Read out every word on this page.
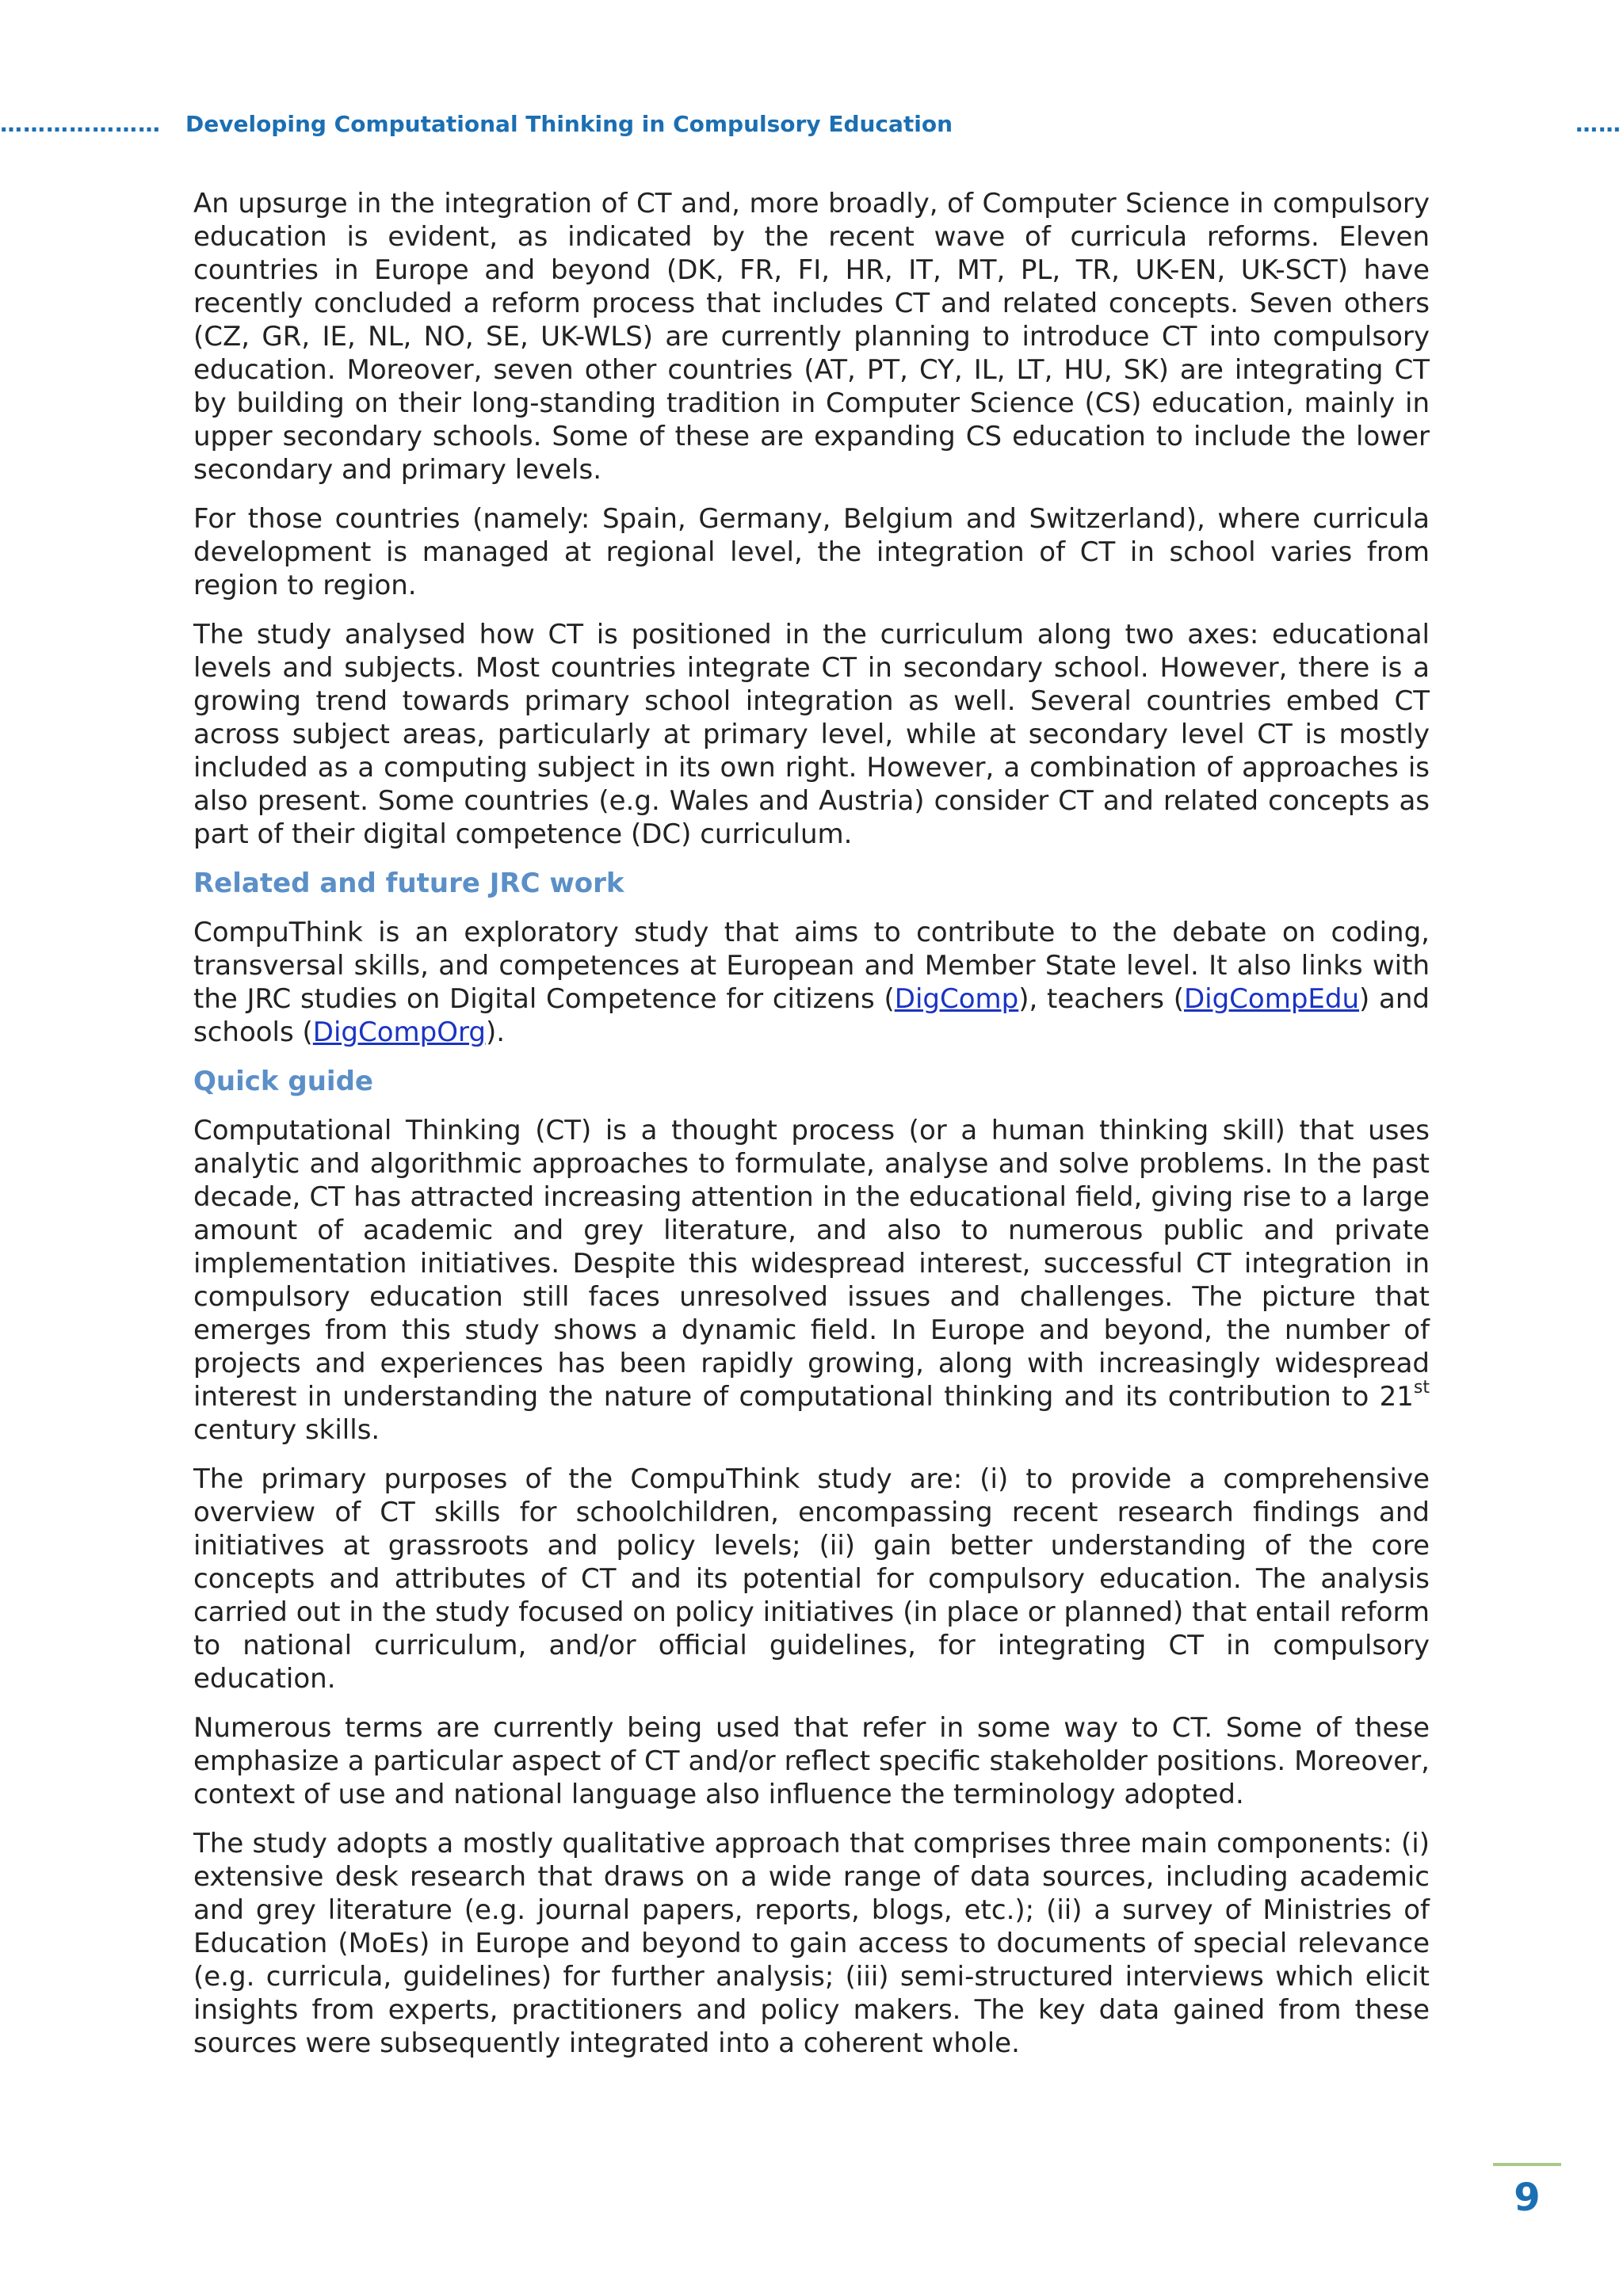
………………… Developing Computational Thinking in Compulsory Education	……

An upsurge in the integration of CT and, more broadly, of Computer Science in compulsory education is evident, as indicated by the recent wave of curricula reforms. Eleven countries in Europe and beyond (DK, FR, FI, HR, IT, MT, PL, TR, UK-EN, UK-SCT) have recently concluded a reform process that includes CT and related concepts. Seven others (CZ, GR, IE, NL, NO, SE, UK-WLS) are currently planning to introduce CT into compulsory education. Moreover, seven other countries (AT, PT, CY, IL, LT, HU, SK) are integrating CT by building on their long-standing tradition in Computer Science (CS) education, mainly in upper secondary schools. Some of these are expanding CS education to include the lower secondary and primary levels.

For those countries (namely: Spain, Germany, Belgium and Switzerland), where curricula development is managed at regional level, the integration of CT in school varies from region to region.

The study analysed how CT is positioned in the curriculum along two axes: educational levels and subjects. Most countries integrate CT in secondary school. However, there is a growing trend towards primary school integration as well. Several countries embed CT across subject areas, particularly at primary level, while at secondary level CT is mostly included as a computing subject in its own right. However, a combination of approaches is also present. Some countries (e.g. Wales and Austria) consider CT and related concepts as part of their digital competence (DC) curriculum.

Related and future JRC work

CompuThink is an exploratory study that aims to contribute to the debate on coding, transversal skills, and competences at European and Member State level. It also links with the JRC studies on Digital Competence for citizens (DigComp), teachers (DigCompEdu) and schools (DigCompOrg).

Quick guide

Computational Thinking (CT) is a thought process (or a human thinking skill) that uses analytic and algorithmic approaches to formulate, analyse and solve problems. In the past decade, CT has attracted increasing attention in the educational field, giving rise to a large amount of academic and grey literature, and also to numerous public and private implementation initiatives. Despite this widespread interest, successful CT integration in compulsory education still faces unresolved issues and challenges. The picture that emerges from this study shows a dynamic field. In Europe and beyond, the number of projects and experiences has been rapidly growing, along with increasingly widespread interest in understanding the nature of computational thinking and its contribution to 21st century skills.

The primary purposes of the CompuThink study are: (i) to provide a comprehensive overview of CT skills for schoolchildren, encompassing recent research findings and initiatives at grassroots and policy levels; (ii) gain better understanding of the core concepts and attributes of CT and its potential for compulsory education. The analysis carried out in the study focused on policy initiatives (in place or planned) that entail reform to national curriculum, and/or official guidelines, for integrating CT in compulsory education.

Numerous terms are currently being used that refer in some way to CT. Some of these emphasize a particular aspect of CT and/or reflect specific stakeholder positions. Moreover, context of use and national language also influence the terminology adopted.

The study adopts a mostly qualitative approach that comprises three main components: (i) extensive desk research that draws on a wide range of data sources, including academic and grey literature (e.g. journal papers, reports, blogs, etc.); (ii) a survey of Ministries of Education (MoEs) in Europe and beyond to gain access to documents of special relevance (e.g. curricula, guidelines) for further analysis; (iii) semi-structured interviews which elicit insights from experts, practitioners and policy makers. The key data gained from these sources were subsequently integrated into a coherent whole.

9
